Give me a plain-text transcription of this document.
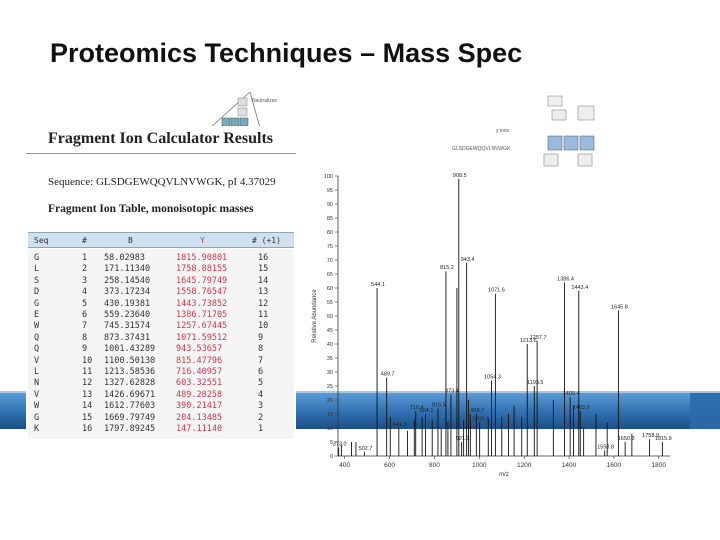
Proteomics Techniques – Mass Spec
Neutralizes
y ions
GLSDGEWQQVLNVWGK
Fragment Ion Calculator Results
Sequence: GLSDGEWQQVLNVWGK, pI 4.37029
Fragment Ion Table, monoisotopic masses
Seq	#	B	Y	# (+1)
G	1 58.02983	1815.90801	16
L	2 171.11340	1758.88155	15
S	3 258.14540	1645.79749	14
D	4 373.17234	1558.76547	13
G	5 430.19381	1443.73852	12
E	6 559.23640	1386.71705	11
W	7 745.31574	1257.67445	10
Q	8 873.37431	1071.59512	9
Q	9 1001.43289 943.53657	8
V	10 1100.50130 815.47796	7
L	11 1213.58536 716.40957	6
N	12 1327.62828 603.32551	5
V	13 1426.69671 489.28258	4
W	14 1612.77603 390.21417	3
G	15 1669.79749 204.13485	2
K	16 1797.89245 147.11140	1
0
5
10
15
20
25
30
35
40
45
50
55
60
65
70
75
80
85
90
95
100
400	600	800	1000	1200	1400	1600	1800
m/z
Relative Abundance
373.0
502.7
544.1
489.7
641.1
716.4
604.1
815.5
815.2
873.4
908.5
921.1
943.4
958.7
1001.4
1054.3
1071.6
1213.6
1257.7
1193.5
1386.4
1409.4
1443.4
1463.6
1558.8
1645.8
1650.3 1758.9
1815.9
